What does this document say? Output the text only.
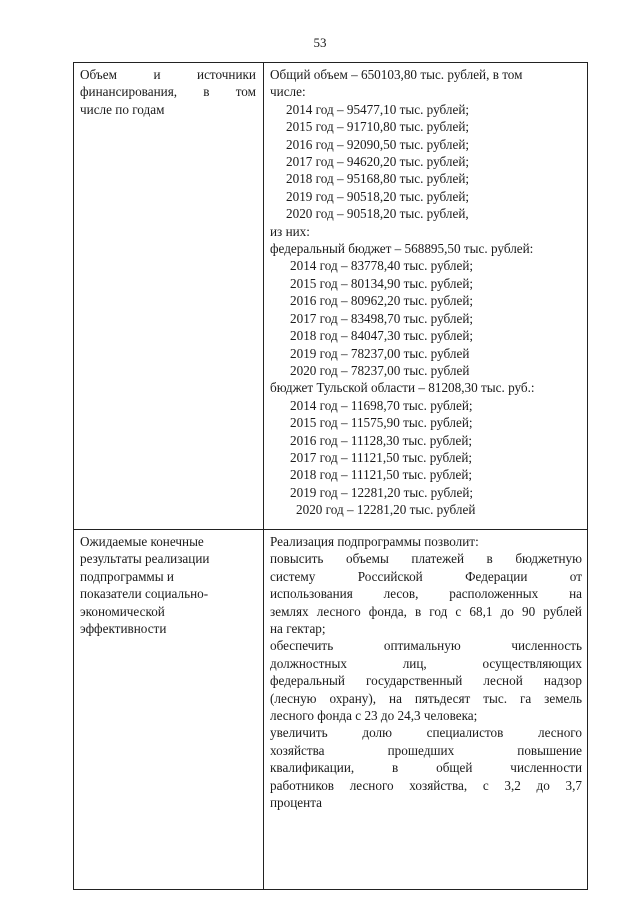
53
Объем и источники
финансирования, в том
числе по годам
Общий объем – 650103,80 тыс. рублей, в том
числе:
2014 год – 95477,10 тыс. рублей;
2015 год – 91710,80 тыс. рублей;
2016 год – 92090,50 тыс. рублей;
2017 год – 94620,20 тыс. рублей;
2018 год – 95168,80 тыс. рублей;
2019 год – 90518,20 тыс. рублей;
2020 год – 90518,20 тыс. рублей,
из них:
федеральный бюджет – 568895,50 тыс. рублей:
2014 год – 83778,40 тыс. рублей;
2015 год – 80134,90 тыс. рублей;
2016 год – 80962,20 тыс. рублей;
2017 год – 83498,70 тыс. рублей;
2018 год – 84047,30 тыс. рублей;
2019 год – 78237,00 тыс. рублей
2020 год – 78237,00 тыс. рублей
бюджет Тульской области – 81208,30 тыс. руб.:
2014 год – 11698,70 тыс. рублей;
2015 год – 11575,90 тыс. рублей;
2016 год – 11128,30 тыс. рублей;
2017 год – 11121,50 тыс. рублей;
2018 год – 11121,50 тыс. рублей;
2019 год – 12281,20 тыс. рублей;
2020 год – 12281,20 тыс. рублей
Ожидаемые конечные
результаты реализации
подпрограммы и
показатели социально-
экономической
эффективности
Реализация подпрограммы позволит:
повысить объемы платежей в бюджетную
систему Российской Федерации от
использования лесов, расположенных на
землях лесного фонда, в год с 68,1 до 90 рублей
на гектар;
обеспечить оптимальную численность
должностных лиц, осуществляющих
федеральный государственный лесной надзор
(лесную охрану), на пятьдесят тыс. га земель
лесного фонда с 23 до 24,3 человека;
увеличить долю специалистов лесного
хозяйства прошедших повышение
квалификации, в общей численности
работников лесного хозяйства, с 3,2 до 3,7
процента
